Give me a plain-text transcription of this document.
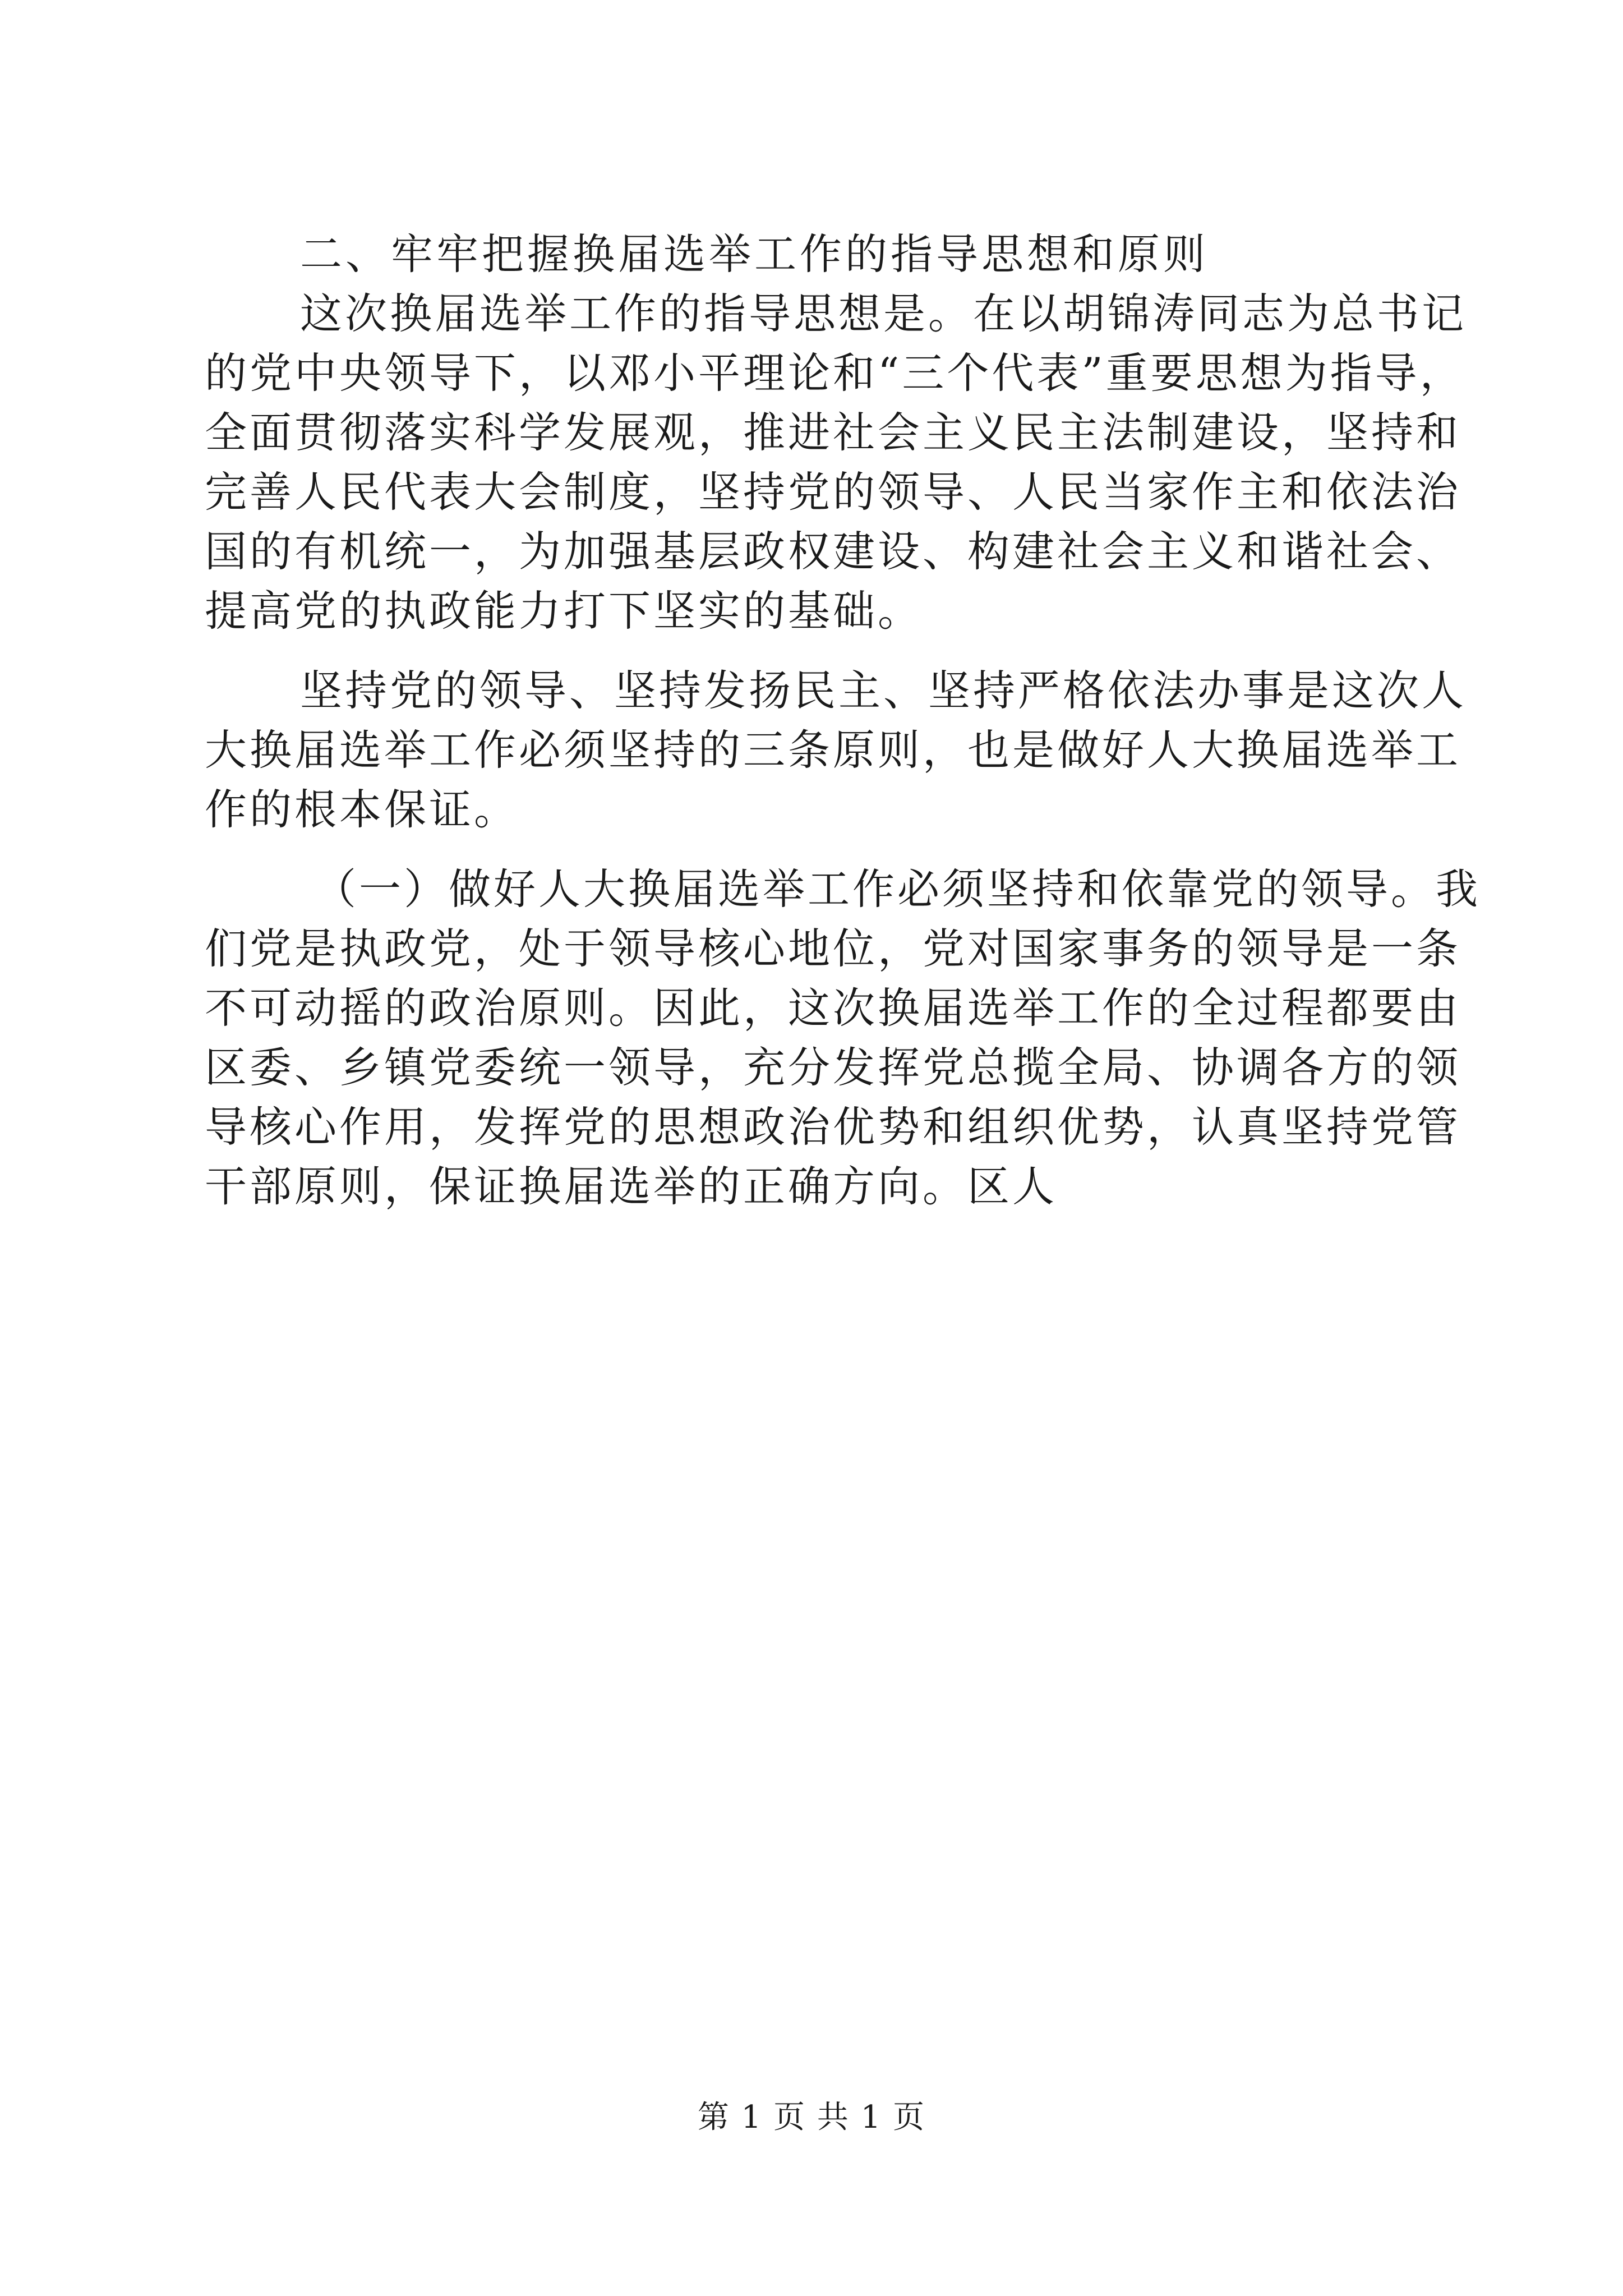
二、牢牢把握换届选举工作的指导思想和原则
这次换届选举工作的指导思想是。在以胡锦涛同志为总书记
的党中央领导下，以邓小平理论和“三个代表”重要思想为指导，
全面贯彻落实科学发展观，推进社会主义民主法制建设，坚持和
完善人民代表大会制度，坚持党的领导、人民当家作主和依法治
国的有机统一，为加强基层政权建设、构建社会主义和谐社会、
提高党的执政能力打下坚实的基础。
坚持党的领导、坚持发扬民主、坚持严格依法办事是这次人
大换届选举工作必须坚持的三条原则，也是做好人大换届选举工
作的根本保证。
（一）做好人大换届选举工作必须坚持和依靠党的领导。我
们党是执政党，处于领导核心地位，党对国家事务的领导是一条
不可动摇的政治原则。因此，这次换届选举工作的全过程都要由
区委、乡镇党委统一领导，充分发挥党总揽全局、协调各方的领
导核心作用，发挥党的思想政治优势和组织优势，认真坚持党管
干部原则，保证换届选举的正确方向。区人
第 1 页 共 1 页
